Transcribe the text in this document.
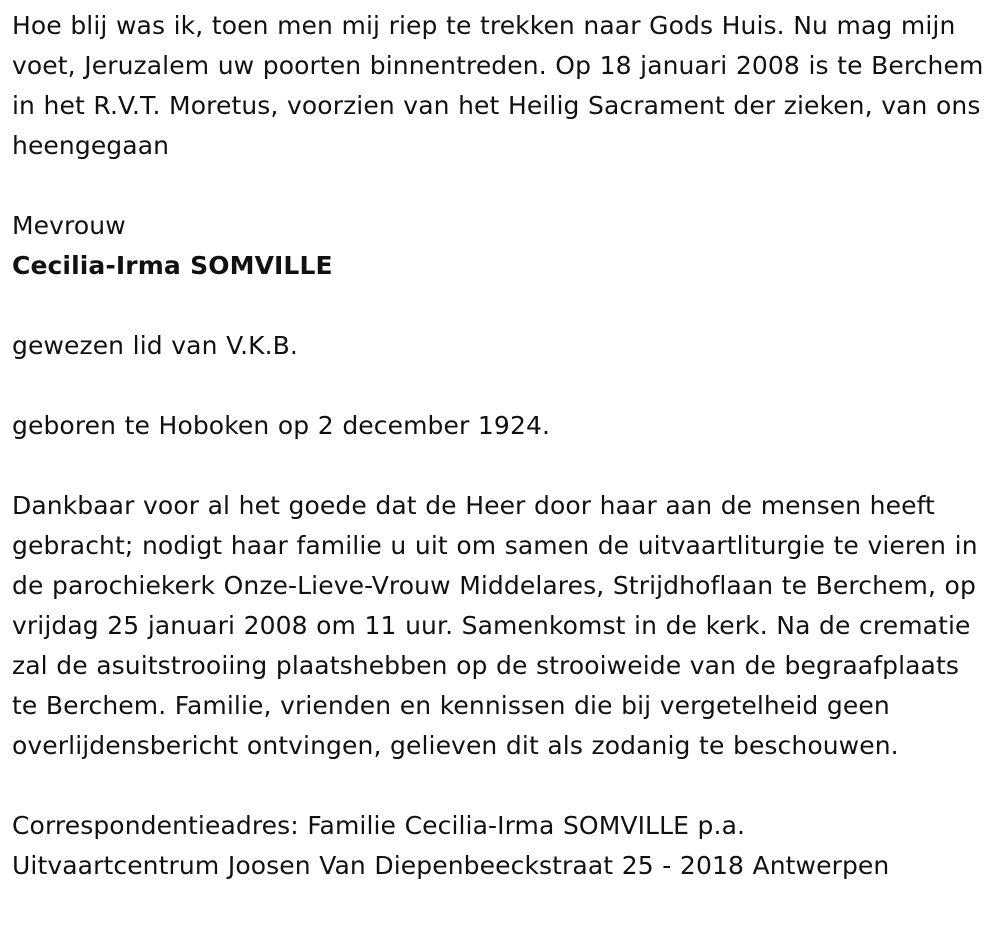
Hoe blij was ik, toen men mij riep te trekken naar Gods Huis. Nu mag mijn voet, Jeruzalem uw poorten binnentreden. Op 18 januari 2008 is te Berchem in het R.V.T. Moretus, voorzien van het Heilig Sacrament der zieken, van ons heengegaan

Mevrouw

Cecilia-Irma SOMVILLE

gewezen lid van V.K.B.

geboren te Hoboken op 2 december 1924.

Dankbaar voor al het goede dat de Heer door haar aan de mensen heeft gebracht; nodigt haar familie u uit om samen de uitvaartliturgie te vieren in de parochiekerk Onze-Lieve-Vrouw Middelares, Strijdhoflaan te Berchem, op vrijdag 25 januari 2008 om 11 uur. Samenkomst in de kerk. Na de crematie zal de asuitstrooiing plaatshebben op de strooiweide van de begraafplaats te Berchem. Familie, vrienden en kennissen die bij vergetelheid geen overlijdensbericht ontvingen, gelieven dit als zodanig te beschouwen.

Correspondentieadres: Familie Cecilia-Irma SOMVILLE p.a.

Uitvaartcentrum Joosen Van Diepenbeeckstraat 25 - 2018 Antwerpen
